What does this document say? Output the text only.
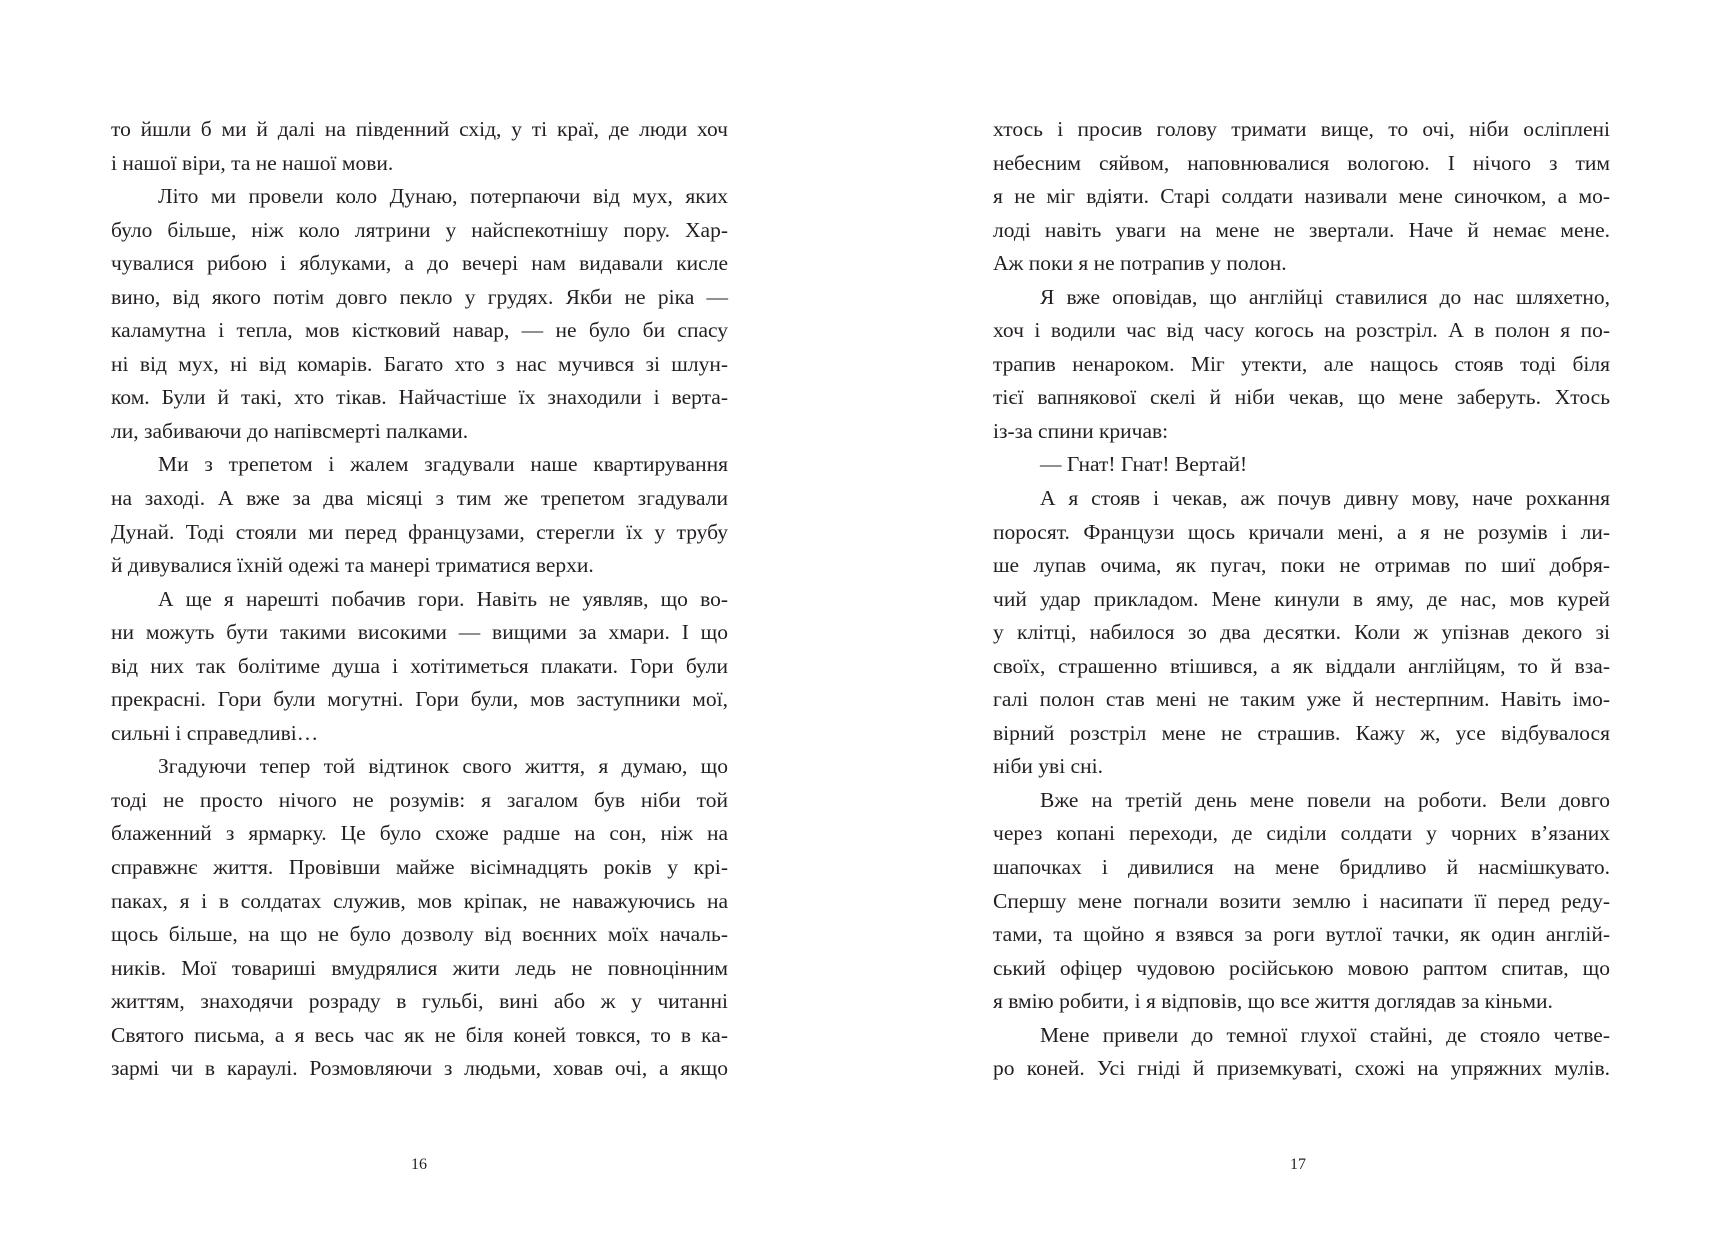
то йшли б ми й далі на південний схід, у ті краї, де люди хоч
і нашої віри, та не нашої мови.
Літо ми провели коло Дунаю, потерпаючи від мух, яких
було більше, ніж коло лятрини у найспекотнішу пору. Хар-
чувалися рибою і яблуками, а до вечері нам видавали кисле
вино, від якого потім довго пекло у грудях. Якби не ріка —
каламутна і тепла, мов кістковий навар, — не було би спасу
ні від мух, ні від комарів. Багато хто з нас мучився зі шлун-
ком. Були й такі, хто тікав. Найчастіше їх знаходили і верта-
ли, забиваючи до напівсмерті палками.
Ми з трепетом і жалем згадували наше квартирування
на заході. А вже за два місяці з тим же трепетом згадували
Дунай. Тоді стояли ми перед французами, стерегли їх у трубу
й дивувалися їхній одежі та манері триматися верхи.
А ще я нарешті побачив гори. Навіть не уявляв, що во-
ни можуть бути такими високими — вищими за хмари. І що
від них так болітиме душа і хотітиметься плакати. Гори були
прекрасні. Гори були могутні. Гори були, мов заступники мої,
сильні і справедливі…
Згадуючи тепер той відтинок свого життя, я думаю, що
тоді не просто нічого не розумів: я загалом був ніби той
блаженний з ярмарку. Це було схоже радше на сон, ніж на
справжнє життя. Провівши майже вісімнадцять років у крі-
паках, я і в солдатах служив, мов кріпак, не наважуючись на
щось більше, на що не було дозволу від воєнних моїх началь-
ників. Мої товариші вмудрялися жити ледь не повноцінним
життям, знаходячи розраду в гульбі, вині або ж у читанні
Святого письма, а я весь час як не біля коней товкся, то в ка-
зармі чи в караулі. Розмовляючи з людьми, ховав очі, а якщо
16
хтось і просив голову тримати вище, то очі, ніби осліплені
небесним сяйвом, наповнювалися вологою. І нічого з тим
я не міг вдіяти. Старі солдати називали мене синочком, а мо-
лоді навіть уваги на мене не звертали. Наче й немає мене.
Аж поки я не потрапив у полон.
Я вже оповідав, що англійці ставилися до нас шляхетно,
хоч і водили час від часу когось на розстріл. А в полон я по-
трапив ненароком. Міг утекти, але нащось стояв тоді біля
тієї вапнякової скелі й ніби чекав, що мене заберуть. Хтось
із-за спини кричав:
— Гнат! Гнат! Вертай!
А я стояв і чекав, аж почув дивну мову, наче рохкання
поросят. Французи щось кричали мені, а я не розумів і ли-
ше лупав очима, як пугач, поки не отримав по шиї добря-
чий удар прикладом. Мене кинули в яму, де нас, мов курей
у клітці, набилося зо два десятки. Коли ж упізнав декого зі
своїх, страшенно втішився, а як віддали англійцям, то й взa-
галі полон став мені не таким уже й нестерпним. Навіть імо-
вірний розстріл мене не страшив. Кажу ж, усе відбувалося
ніби уві сні.
Вже на третій день мене повели на роботи. Вели довго
через копані переходи, де сиділи солдати у чорних в’язаних
шапочках і дивилися на мене бридливо й насмішкувато.
Спершу мене погнали возити землю і насипати її перед реду-
тами, та щойно я взявся за роги вутлої тачки, як один англій-
ський офіцер чудовою російською мовою раптом спитав, що
я вмію робити, і я відповів, що все життя доглядав за кіньми.
Мене привели до темної глухої стайні, де стояло четве-
ро коней. Усі гніді й приземкуваті, схожі на упряжних мулів.
17
